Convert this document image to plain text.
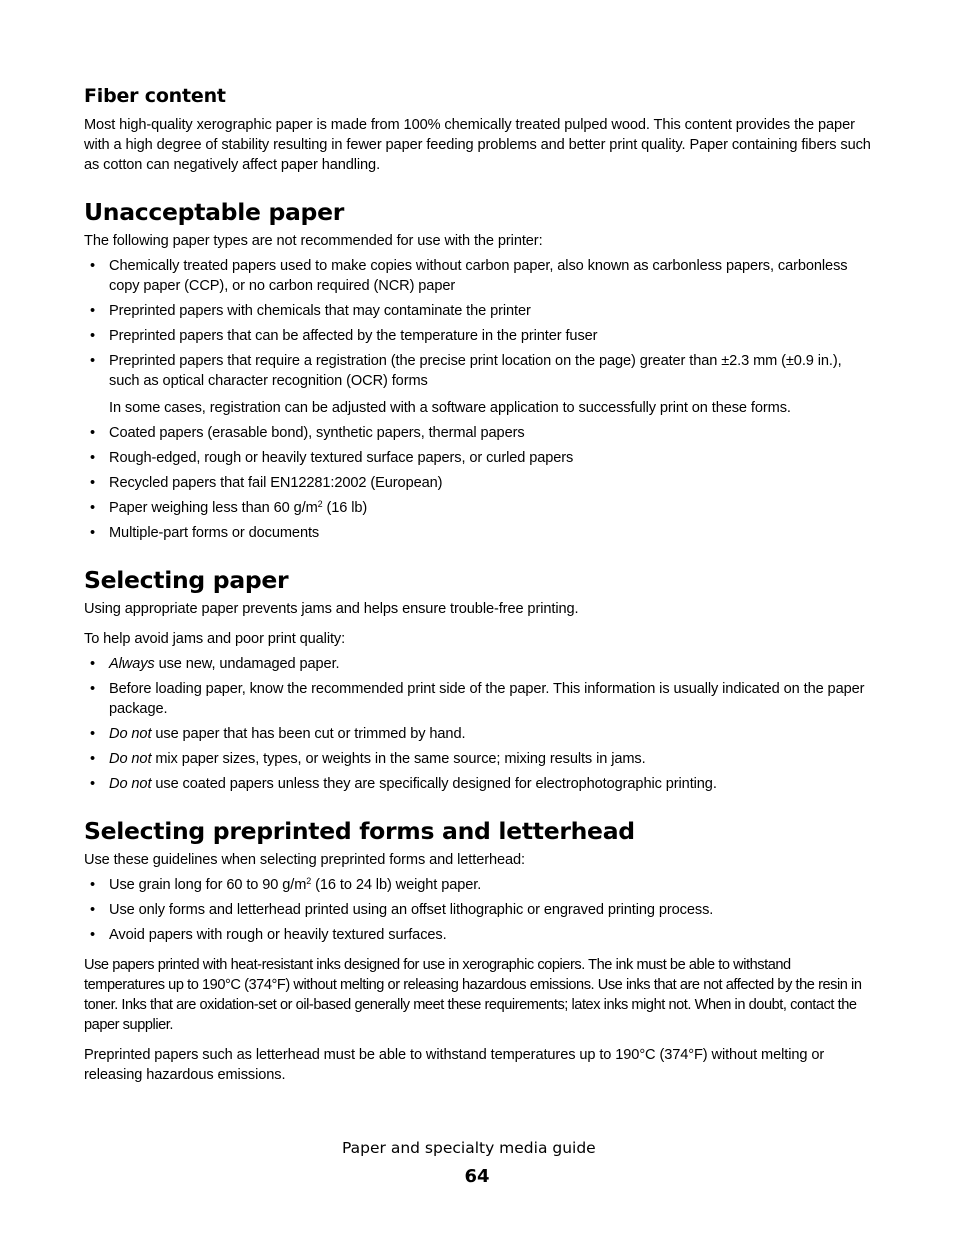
Fiber content

Most high-quality xerographic paper is made from 100% chemically treated pulped wood. This content provides the paper with a high degree of stability resulting in fewer paper feeding problems and better print quality. Paper containing fibers such as cotton can negatively affect paper handling.

Unacceptable paper

The following paper types are not recommended for use with the printer:

• Chemically treated papers used to make copies without carbon paper, also known as carbonless papers, carbonless copy paper (CCP), or no carbon required (NCR) paper
• Preprinted papers with chemicals that may contaminate the printer
• Preprinted papers that can be affected by the temperature in the printer fuser
• Preprinted papers that require a registration (the precise print location on the page) greater than ±2.3 mm (±0.9 in.), such as optical character recognition (OCR) forms

In some cases, registration can be adjusted with a software application to successfully print on these forms.

• Coated papers (erasable bond), synthetic papers, thermal papers
• Rough-edged, rough or heavily textured surface papers, or curled papers
• Recycled papers that fail EN12281:2002 (European)
• Paper weighing less than 60 $g/m^2$ (16 lb)
• Multiple-part forms or documents
Selecting paper

Using appropriate paper prevents jams and helps ensure trouble-free printing.

To help avoid jams and poor print quality:

• Always use new, undamaged paper.
• Before loading paper, know the recommended print side of the paper. This information is usually indicated on the paper package.
• Do not use paper that has been cut or trimmed by hand.
• Do not mix paper sizes, types, or weights in the same source; mixing results in jams.
• Do not use coated papers unless they are specifically designed for electrophotographic printing.
Selecting preprinted forms and letterhead

Use these guidelines when selecting preprinted forms and letterhead:

• Use grain long for 60 to 90 $g/m^2$ (16 to 24 lb) weight paper.
• Use only forms and letterhead printed using an offset lithographic or engraved printing process.
• Avoid papers with rough or heavily textured surfaces.

Use papers printed with heat-resistant inks designed for use in xerographic copiers. The ink must be able to withstand temperatures up to 190°C (374°F) without melting or releasing hazardous emissions. Use inks that are not affected by the resin in toner. Inks that are oxidation-set or oil-based generally meet these requirements; latex inks might not. When in doubt, contact the paper supplier.

Preprinted papers such as letterhead must be able to withstand temperatures up to 190°C (374°F) without melting or releasing hazardous emissions.

Paper and specialty media guide
64
